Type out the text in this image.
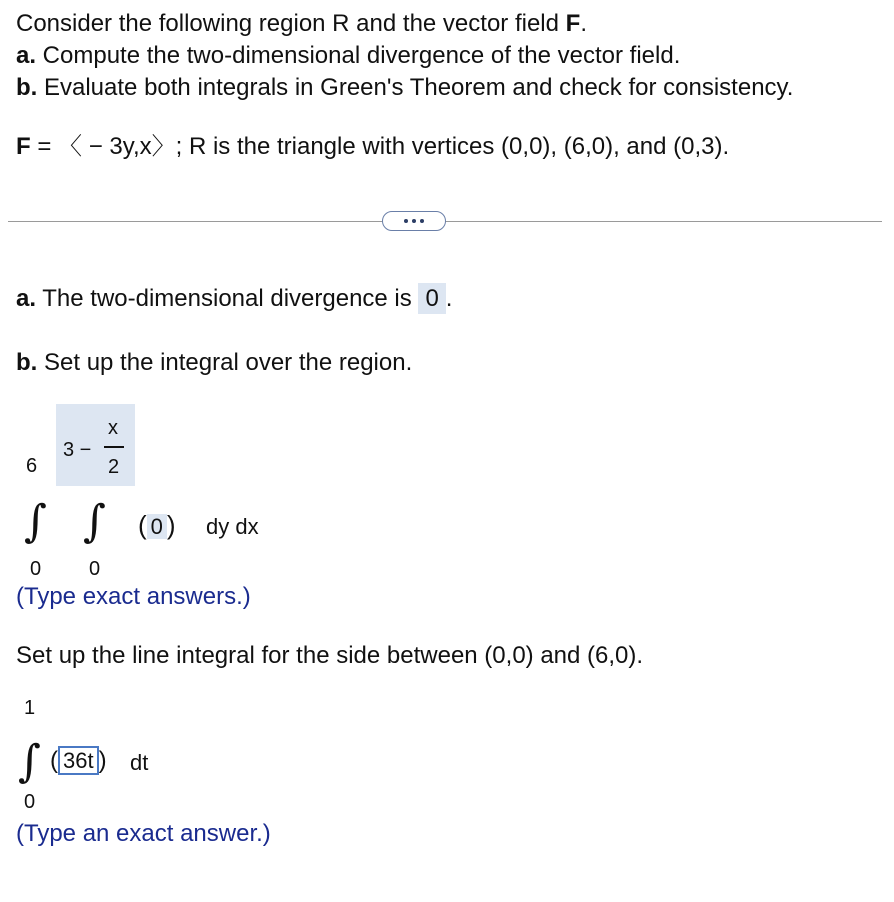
Consider the following region R and the vector field F.
a. Compute the two-dimensional divergence of the vector field.
b. Evaluate both integrals in Green's Theorem and check for consistency.
F = 〈 − 3y,x〉; R is the triangle with vertices (0,0), (6,0), and (0,3).
a. The two-dimensional divergence is 0 .
b. Set up the integral over the region.
6
∫
0
3 −
x
2
∫
0
( 0 ) dy dx
(Type exact answers.)
Set up the line integral for the side between (0,0) and (6,0).
1
∫
0
( 36t ) dt
(Type an exact answer.)
